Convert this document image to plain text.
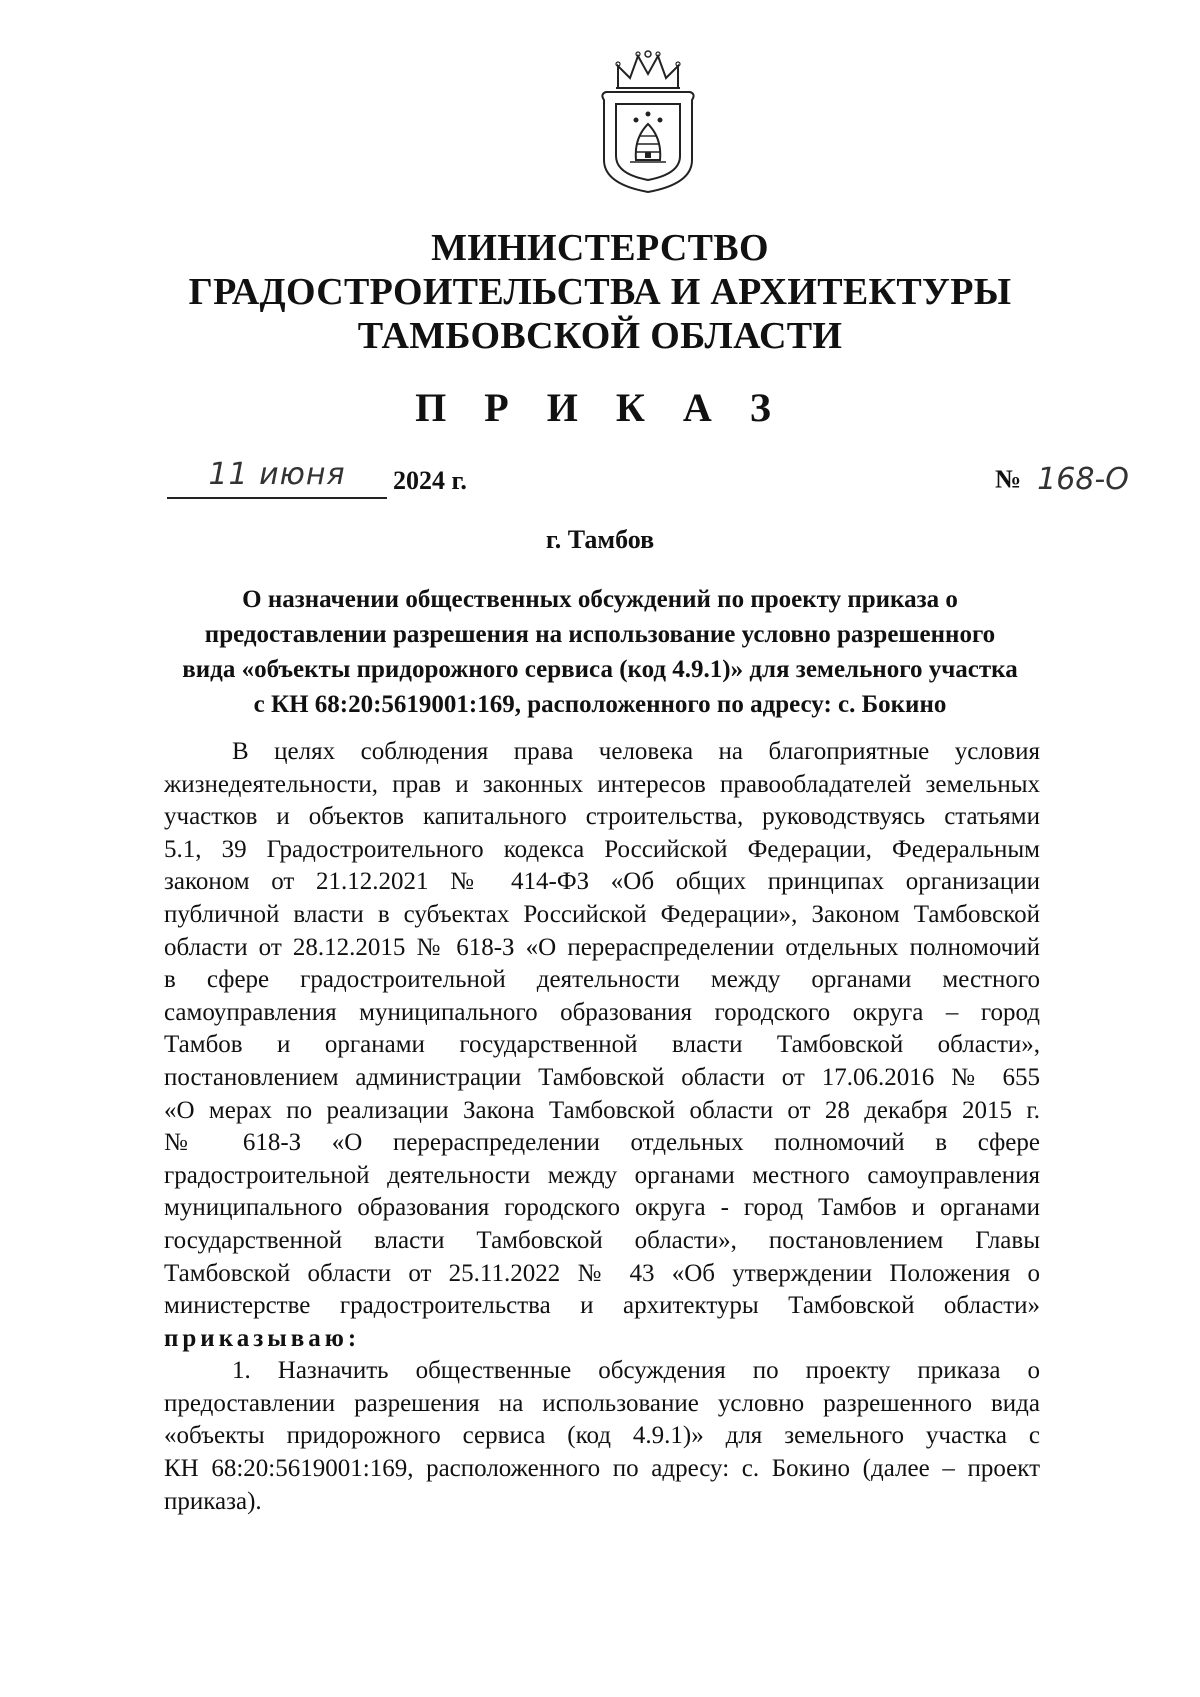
МИНИСТЕРСТВО
ГРАДОСТРОИТЕЛЬСТВА И АРХИТЕКТУРЫ
ТАМБОВСКОЙ ОБЛАСТИ
П Р И К А З
11 июня	2024 г.	№ 168-О
г. Тамбов
О назначении общественных обсуждений по проекту приказа о
предоставлении разрешения на использование условно разрешенного
вида «объекты придорожного сервиса (код 4.9.1)» для земельного участка
с КН 68:20:5619001:169, расположенного по адресу: с. Бокино
В целях соблюдения права человека на благоприятные условия
жизнедеятельности, прав и законных интересов правообладателей земельных
участков и объектов капитального строительства, руководствуясь статьями
5.1, 39 Градостроительного кодекса Российской Федерации, Федеральным
законом от 21.12.2021 № 414-ФЗ «Об общих принципах организации
публичной власти в субъектах Российской Федерации», Законом Тамбовской
области от 28.12.2015 № 618-З «О перераспределении отдельных полномочий
в сфере градостроительной деятельности между органами местного
самоуправления муниципального образования городского округа – город
Тамбов и органами государственной власти Тамбовской области»,
постановлением администрации Тамбовской области от 17.06.2016 № 655
«О мерах по реализации Закона Тамбовской области от 28 декабря 2015 г.
№ 618-З «О перераспределении отдельных полномочий в сфере
градостроительной деятельности между органами местного самоуправления
муниципального образования городского округа - город Тамбов и органами
государственной власти Тамбовской области», постановлением Главы
Тамбовской области от 25.11.2022 № 43 «Об утверждении Положения о
министерстве градостроительства и архитектуры Тамбовской области»
приказываю:
1. Назначить общественные обсуждения по проекту приказа о
предоставлении разрешения на использование условно разрешенного вида
«объекты придорожного сервиса (код 4.9.1)» для земельного участка с
КН 68:20:5619001:169, расположенного по адресу: с. Бокино (далее – проект
приказа).
